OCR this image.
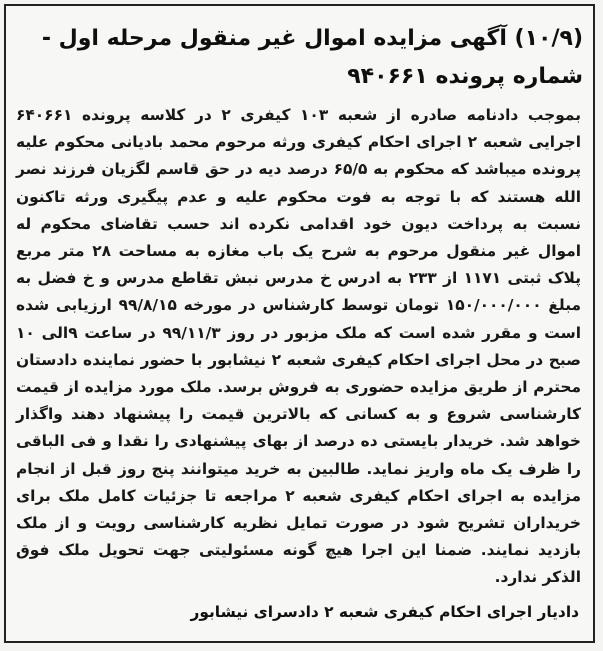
(۱۰/۹) آگهی مزایده اموال غیر منقول مرحله اول - شماره پرونده ۹۴۰۶۶۱
بموجب دادنامه صادره از شعبه ۱۰۳ کیفری ۲ در کلاسه پرونده ۶۴۰۶۶۱ اجرایی شعبه ۲ اجرای احکام کیفری ورثه مرحوم محمد بادیانی محکوم علیه پرونده میباشد که محکوم به ۶۵/۵ درصد دیه در حق قاسم لگزیان فرزند نصر الله هستند که با توجه به فوت محکوم علیه و عدم پیگیری ورثه تاکنون نسبت به پرداخت دیون خود اقدامی نکرده اند حسب تقاضای محکوم له اموال غیر منقول مرحوم به شرح یک باب مغازه به مساحت ۲۸ متر مربع پلاک ثبتی ۱۱۷۱ از ۲۳۳ به ادرس خ مدرس نبش تقاطع مدرس و خ فضل به مبلغ ۱۵۰/۰۰۰/۰۰۰ تومان توسط کارشناس در مورخه ۹۹/۸/۱۵ ارزیابی شده است و مقرر شده است که ملک مزبور در روز ۹۹/۱۱/۳ در ساعت ۹الی ۱۰ صبح در محل اجرای احکام کیفری شعبه ۲ نیشابور با حضور نماینده دادستان محترم از طریق مزایده حضوری به فروش برسد. ملک مورد مزایده از قیمت کارشناسی شروع و به کسانی که بالاترین قیمت را پیشنهاد دهند واگذار خواهد شد. خریدار بایستی ده درصد از بهای پیشنهادی را نقدا و فی الباقی را ظرف یک ماه واریز نماید. طالبین به خرید میتوانند پنج روز قبل از انجام مزایده به اجرای احکام کیفری شعبه ۲ مراجعه تا جزئیات کامل ملک برای خریداران تشریح شود در صورت تمایل نظریه کارشناسی رویت و از ملک بازدید نمایند. ضمنا این اجرا هیچ گونه مسئولیتی جهت تحویل ملک فوق الذکر ندارد.
دادیار اجرای احکام کیفری شعبه ۲ دادسرای نیشابور
